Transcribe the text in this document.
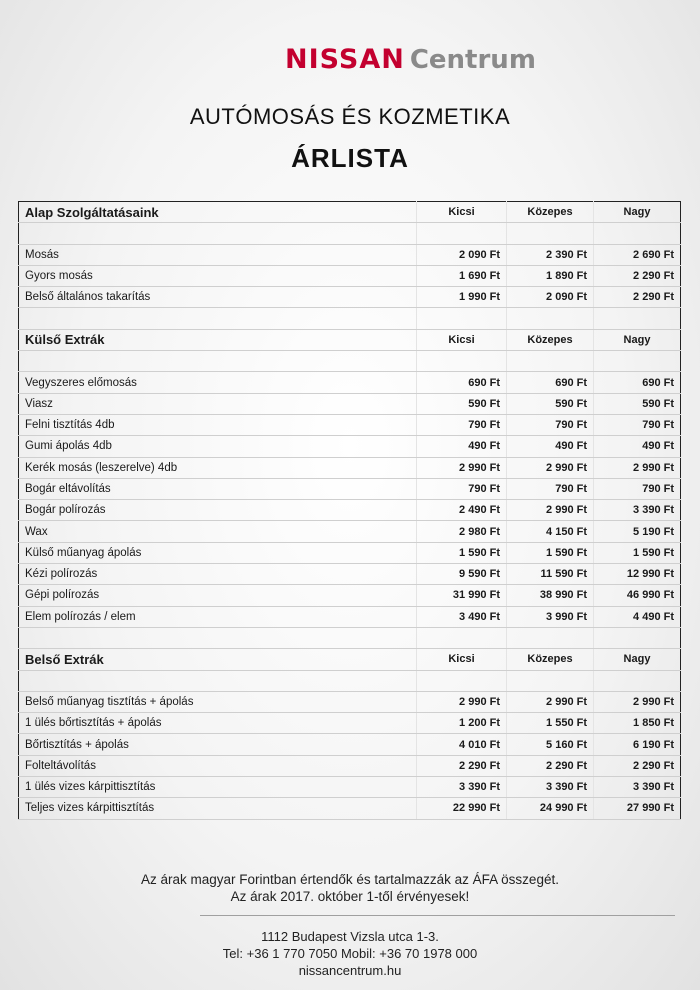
NISSAN Centrum
AUTÓMOSÁS ÉS KOZMETIKA
ÁRLISTA
Alap Szolgáltatásaink	Kicsi	Közepes	Nagy

Mosás	2 090 Ft	2 390 Ft	2 690 Ft
Gyors mosás	1 690 Ft	1 890 Ft	2 290 Ft
Belső általános takarítás	1 990 Ft	2 090 Ft	2 290 Ft

Külső Extrák	Kicsi	Közepes	Nagy

Vegyszeres előmosás	690 Ft	690 Ft	690 Ft
Viasz	590 Ft	590 Ft	590 Ft
Felni tisztítás 4db	790 Ft	790 Ft	790 Ft
Gumi ápolás 4db	490 Ft	490 Ft	490 Ft
Kerék mosás (leszerelve) 4db	2 990 Ft	2 990 Ft	2 990 Ft
Bogár eltávolítás	790 Ft	790 Ft	790 Ft
Bogár polírozás	2 490 Ft	2 990 Ft	3 390 Ft
Wax	2 980 Ft	4 150 Ft	5 190 Ft
Külső műanyag ápolás	1 590 Ft	1 590 Ft	1 590 Ft
Kézi polírozás	9 590 Ft	11 590 Ft	12 990 Ft
Gépi polírozás	31 990 Ft	38 990 Ft	46 990 Ft
Elem polírozás / elem	3 490 Ft	3 990 Ft	4 490 Ft

Belső Extrák	Kicsi	Közepes	Nagy

Belső műanyag tisztítás + ápolás	2 990 Ft	2 990 Ft	2 990 Ft
1 ülés bőrtisztítás + ápolás	1 200 Ft	1 550 Ft	1 850 Ft
Bőrtisztítás + ápolás	4 010 Ft	5 160 Ft	6 190 Ft
Folteltávolítás	2 290 Ft	2 290 Ft	2 290 Ft
1 ülés vizes kárpittisztítás	3 390 Ft	3 390 Ft	3 390 Ft
Teljes vizes kárpittisztítás	22 990 Ft	24 990 Ft	27 990 Ft
Az árak magyar Forintban értendők és tartalmazzák az ÁFA összegét.
Az árak 2017. október 1-től érvényesek!
1112 Budapest Vizsla utca 1-3.
Tel: +36 1 770 7050 Mobil: +36 70 1978 000
nissancentrum.hu
